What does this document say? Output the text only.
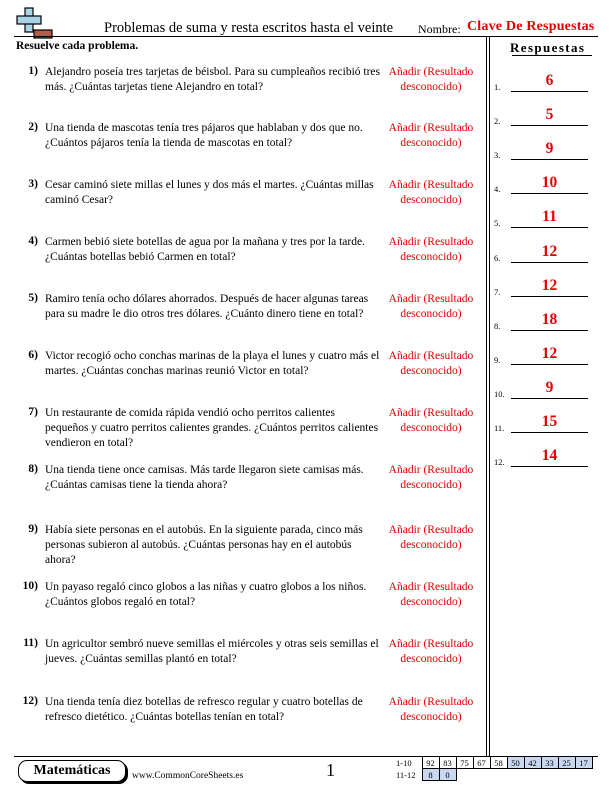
Problemas de suma y resta escritos hasta el veinte Nombre: Clave De Respuestas
Resuelve cada problema.
1) Alejandro poseía tres tarjetas de béisbol. Para su cumpleaños recibió tres más. ¿Cuántas tarjetas tiene Alejandro en total?
Añadir (Resultado desconocido)
2) Una tienda de mascotas tenía tres pájaros que hablaban y dos que no. ¿Cuántos pájaros tenía la tienda de mascotas en total?
Añadir (Resultado desconocido)
3) Cesar caminó siete millas el lunes y dos más el martes. ¿Cuántas millas caminó Cesar?
Añadir (Resultado desconocido)
4) Carmen bebió siete botellas de agua por la mañana y tres por la tarde. ¿Cuántas botellas bebió Carmen en total?
Añadir (Resultado desconocido)
5) Ramiro tenía ocho dólares ahorrados. Después de hacer algunas tareas para su madre le dio otros tres dólares. ¿Cuánto dinero tiene en total?
Añadir (Resultado desconocido)
6) Victor recogió ocho conchas marinas de la playa el lunes y cuatro más el martes. ¿Cuántas conchas marinas reunió Victor en total?
Añadir (Resultado desconocido)
7) Un restaurante de comida rápida vendió ocho perritos calientes pequeños y cuatro perritos calientes grandes. ¿Cuántos perritos calientes vendieron en total?
Añadir (Resultado desconocido)
8) Una tienda tiene once camisas. Más tarde llegaron siete camisas más. ¿Cuántas camisas tiene la tienda ahora?
Añadir (Resultado desconocido)
9) Había siete personas en el autobús. En la siguiente parada, cinco más personas subieron al autobús. ¿Cuántas personas hay en el autobús ahora?
Añadir (Resultado desconocido)
10) Un payaso regaló cinco globos a las niñas y cuatro globos a los niños. ¿Cuántos globos regaló en total?
Añadir (Resultado desconocido)
11) Un agricultor sembró nueve semillas el miércoles y otras seis semillas el jueves. ¿Cuántas semillas plantó en total?
Añadir (Resultado desconocido)
12) Una tienda tenía diez botellas de refresco regular y cuatro botellas de refresco dietético. ¿Cuántas botellas tenían en total?
Añadir (Resultado desconocido)
Respuestas
1.	6
2.	5
3.	9
4.	10
5.	11
6.	12
7.	12
8.	18
9.	12
10.	9
11.	15
12.	14
Matemáticas	www.CommonCoreSheets.es	1	1-10	92	83	75	67	58	50	42	33	25	17
11-12	8	0								
